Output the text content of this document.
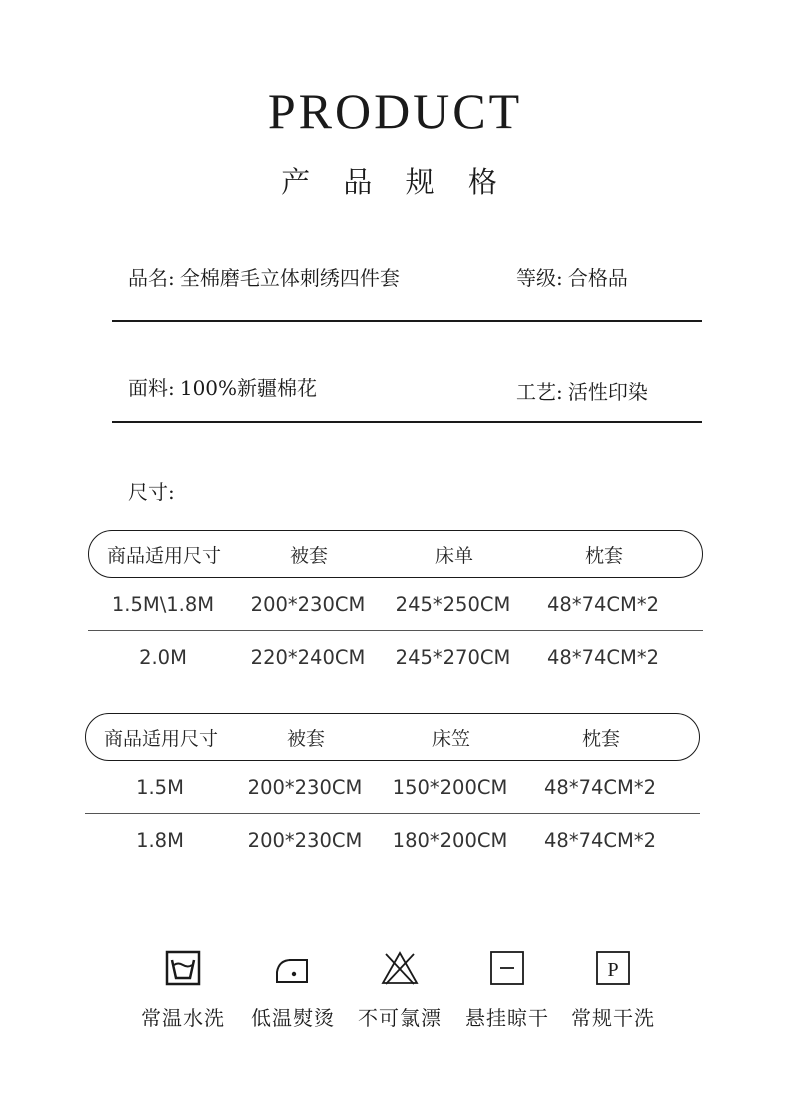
PRODUCT
产 品 规 格
品名: 全棉磨毛立体刺绣四件套	等级: 合格品
面料: 100%新疆棉花	工艺: 活性印染
尺寸:
商品适用尺寸	被套	床单	枕套
1.5M\1.8M	200*230CM	245*250CM	48*74CM*2
2.0M	220*240CM	245*270CM	48*74CM*2
商品适用尺寸	被套	床笠	枕套
1.5M	200*230CM	150*200CM	48*74CM*2
1.8M	200*230CM	180*200CM	48*74CM*2
常温水洗	低温熨烫	不可氯漂	悬挂晾干
P
常规干洗
